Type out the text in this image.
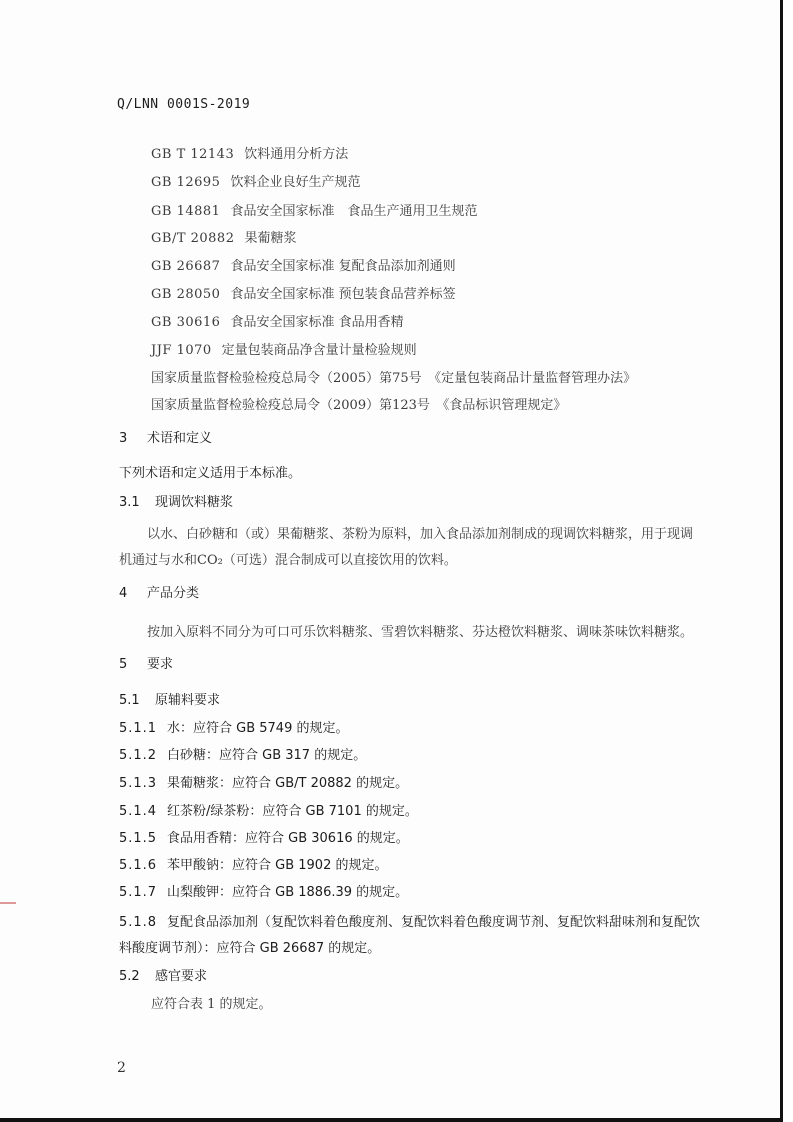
Q/LNN 0001S-2019
GB T 12143 饮料通用分析方法
GB 12695 饮料企业良好生产规范
GB 14881 食品安全国家标准　食品生产通用卫生规范
GB/T 20882 果葡糖浆
GB 26687 食品安全国家标准 复配食品添加剂通则
GB 28050 食品安全国家标准 预包装食品营养标签
GB 30616 食品安全国家标准 食品用香精
JJF 1070 定量包装商品净含量计量检验规则
国家质量监督检验检疫总局令（2005）第75号　《定量包装商品计量监督管理办法》
国家质量监督检验检疫总局令（2009）第123号　《食品标识管理规定》
3 术语和定义
下列术语和定义适用于本标准。
3.1 现调饮料糖浆
以水、白砂糖和（或）果葡糖浆、茶粉为原料，加入食品添加剂制成的现调饮料糖浆，用于现调
机通过与水和CO₂（可选）混合制成可以直接饮用的饮料。
4 产品分类
按加入原料不同分为可口可乐饮料糖浆、雪碧饮料糖浆、芬达橙饮料糖浆、调味茶味饮料糖浆。
5 要求
5.1 原辅料要求
5.1.1 水：应符合 GB 5749 的规定。
5.1.2 白砂糖：应符合 GB 317 的规定。
5.1.3 果葡糖浆：应符合 GB/T 20882 的规定。
5.1.4 红茶粉/绿茶粉：应符合 GB 7101 的规定。
5.1.5 食品用香精：应符合 GB 30616 的规定。
5.1.6 苯甲酸钠：应符合 GB 1902 的规定。
5.1.7 山梨酸钾：应符合 GB 1886.39 的规定。
5.1.8 复配食品添加剂（复配饮料着色酸度剂、复配饮料着色酸度调节剂、复配饮料甜味剂和复配饮
料酸度调节剂）：应符合 GB 26687 的规定。
5.2 感官要求
应符合表 1 的规定。
2
